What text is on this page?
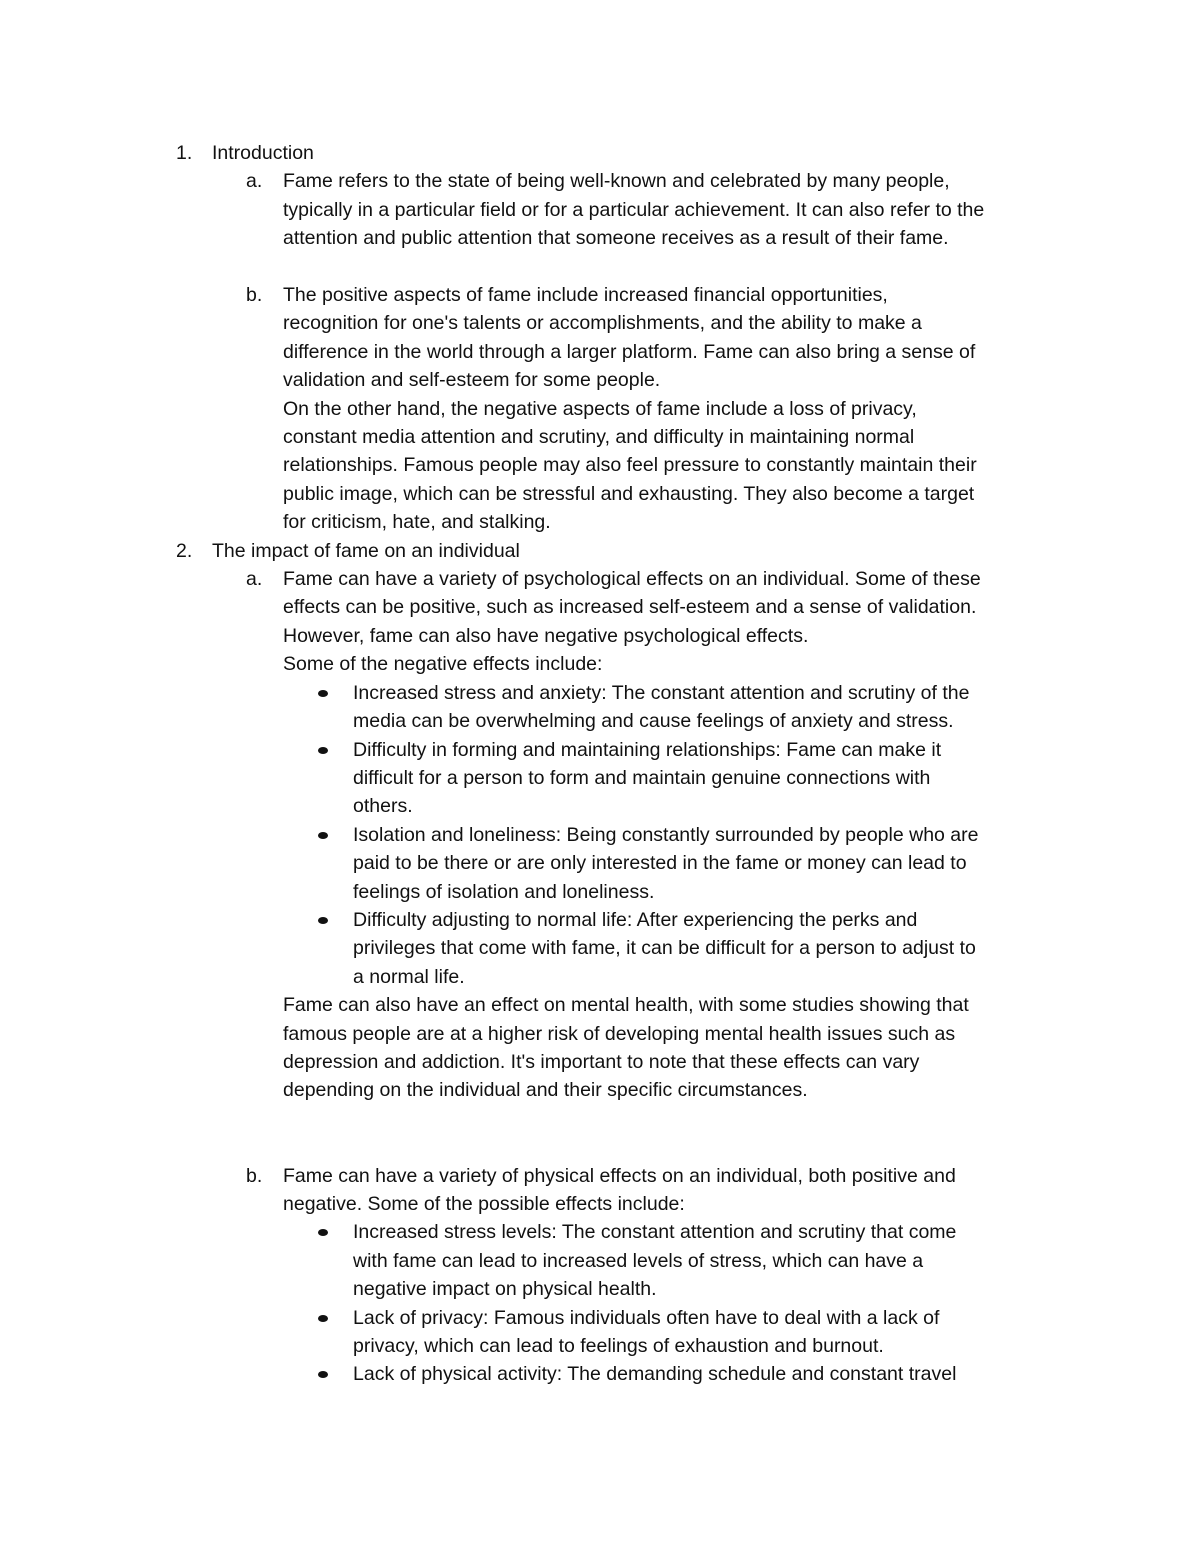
1. Introduction
a. Fame refers to the state of being well-known and celebrated by many people,
typically in a particular field or for a particular achievement. It can also refer to the
attention and public attention that someone receives as a result of their fame.
b. The positive aspects of fame include increased financial opportunities,
recognition for one's talents or accomplishments, and the ability to make a
difference in the world through a larger platform. Fame can also bring a sense of
validation and self-esteem for some people.
On the other hand, the negative aspects of fame include a loss of privacy,
constant media attention and scrutiny, and difficulty in maintaining normal
relationships. Famous people may also feel pressure to constantly maintain their
public image, which can be stressful and exhausting. They also become a target
for criticism, hate, and stalking.
2. The impact of fame on an individual
a. Fame can have a variety of psychological effects on an individual. Some of these
effects can be positive, such as increased self-esteem and a sense of validation.
However, fame can also have negative psychological effects.
Some of the negative effects include:
Increased stress and anxiety: The constant attention and scrutiny of the
media can be overwhelming and cause feelings of anxiety and stress.
Difficulty in forming and maintaining relationships: Fame can make it
difficult for a person to form and maintain genuine connections with
others.
Isolation and loneliness: Being constantly surrounded by people who are
paid to be there or are only interested in the fame or money can lead to
feelings of isolation and loneliness.
Difficulty adjusting to normal life: After experiencing the perks and
privileges that come with fame, it can be difficult for a person to adjust to
a normal life.
Fame can also have an effect on mental health, with some studies showing that
famous people are at a higher risk of developing mental health issues such as
depression and addiction. It's important to note that these effects can vary
depending on the individual and their specific circumstances.
b. Fame can have a variety of physical effects on an individual, both positive and
negative. Some of the possible effects include:
Increased stress levels: The constant attention and scrutiny that come
with fame can lead to increased levels of stress, which can have a
negative impact on physical health.
Lack of privacy: Famous individuals often have to deal with a lack of
privacy, which can lead to feelings of exhaustion and burnout.
Lack of physical activity: The demanding schedule and constant travel
